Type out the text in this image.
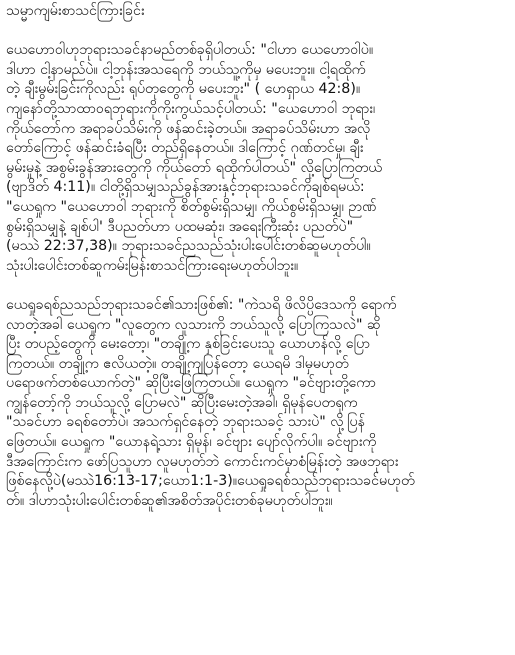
သမ္မာကျမ်းစာသင်ကြားခြင်း

ယေဟောဝါဟုဘုရားသခင်နာမည်တစ်ခုရှိပါတယ်: "ငါဟာ ယေဟောဝါပဲ။
ဒါဟာ ငါ့နာမည်ပဲ။ ငါ့ဘုန်းအသရေကို ဘယ်သူ့ကိုမှ မပေးဘူး။ ငါ့ရထိုက်
တဲ့ ချီးမွမ်းခြင်းကိုလည်း ရုပ်တုတွေကို မပေးဘူး" ( ဟေရှာယ 42:8)။
ကျနော်တို့သာထာဝရဘုရားကိုကိုးကွယ်သင့်ပါတယ်: "ယေဟောဝါ ဘုရား၊
ကိုယ်တော်က အရာခပ်သိမ်းကို ဖန်ဆင်းခဲ့တယ်။ အရာခပ်သိမ်းဟာ အလို
တော်ကြောင့် ဖန်ဆင်းခံရပြီး တည်ရှိနေတယ်။ ဒါကြောင့် ဂုဏ်တင်မှု၊ ချီး
မွမ်းမှုနဲ့ အစွမ်းခွန်အားတွေကို ကိုယ်တော် ရထိုက်ပါတယ်" လို့ပြောကြတယ်
(ဗျာဒိတ် 4:11)။ ငါတို့ရှိသမျှသည်ခွန်အားနှင့်ဘုရားသခင်ကိုချစ်ရမယ်:
"ယေရှုက "ယေဟောဝါ ဘုရားကို စိတ်စွမ်းရှိသမျှ၊ ကိုယ်စွမ်းရှိသမျှ၊ ဉာဏ်
စွမ်းရှိသမျှနဲ့ ချစ်ပါ' ဒီပညတ်ဟာ ပထမဆုံး၊ အရေးကြီးဆုံး ပညတ်ပဲ"
(မဿဲ 22:37,38)။ ဘုရားသခင်ညသည်သုံးပါးပေါင်းတစ်ဆူမဟုတ်ပါ။
သုံးပါးပေါင်းတစ်ဆူကမ်းမြန်းစာသင်ကြားရေးမဟုတ်ပါဘူး။

ယေရှုခရစ်ညသည်ဘုရားသခင်၏သားဖြစ်၏: "ကဲသရိ ဖိလိပ္ပိဒေသကို ရောက်
လာတဲ့အခါ ယေရှုက "လူတွေက လူသားကို ဘယ်သူလို့ ပြောကြသလဲ" ဆို
ပြီး တပည့်တွေကို မေးတော့၊ "တချို့က နှစ်ခြင်းပေးသူ ယောဟန်လို့ ပြော
ကြတယ်။ တချို့က ဧလိယတဲ့။ တချို့ကျပြန်တော့ ယေရမိ ဒါမှမဟုတ်
ပရောဖက်တစ်ယောက်တဲ့" ဆိုပြီးဖြေကြတယ်။ ယေရှုက "ခင်ဗျားတို့ကော
ကျွန်တော့်ကို ဘယ်သူလို့ ပြောမလဲ" ဆိုပြီးမေးတဲ့အခါ၊ ရှိမုန်ပေတရုက
"သခင်ဟာ ခရစ်တော်ပဲ၊ အသက်ရှင်နေတဲ့ ဘုရားသခင့် သားပဲ" လို့ပြန်
ဖြေတယ်။ ယေရှုက "ယောနရဲ့သား ရှိမုန်၊ ခင်ဗျား ပျော်လိုက်ပါ။ ခင်ဗျားကို
ဒီအကြောင်းက ဖော်ပြသူဟာ လူမဟုတ်ဘဲ ကောင်းကင်မှာစံမြန်းတဲ့ အဖဘုရား
ဖြစ်နေလို့ပဲ(မဿဲ16:13-17;ယော1:1-3)။ယေရှုခရစ်သည်ဘုရားသခင်မဟုတ်
တ်။ ဒါဟာသုံးပါးပေါင်းတစ်ဆူ၏အစိတ်အပိုင်းတစ်ခုမဟုတ်ပါဘူး။
